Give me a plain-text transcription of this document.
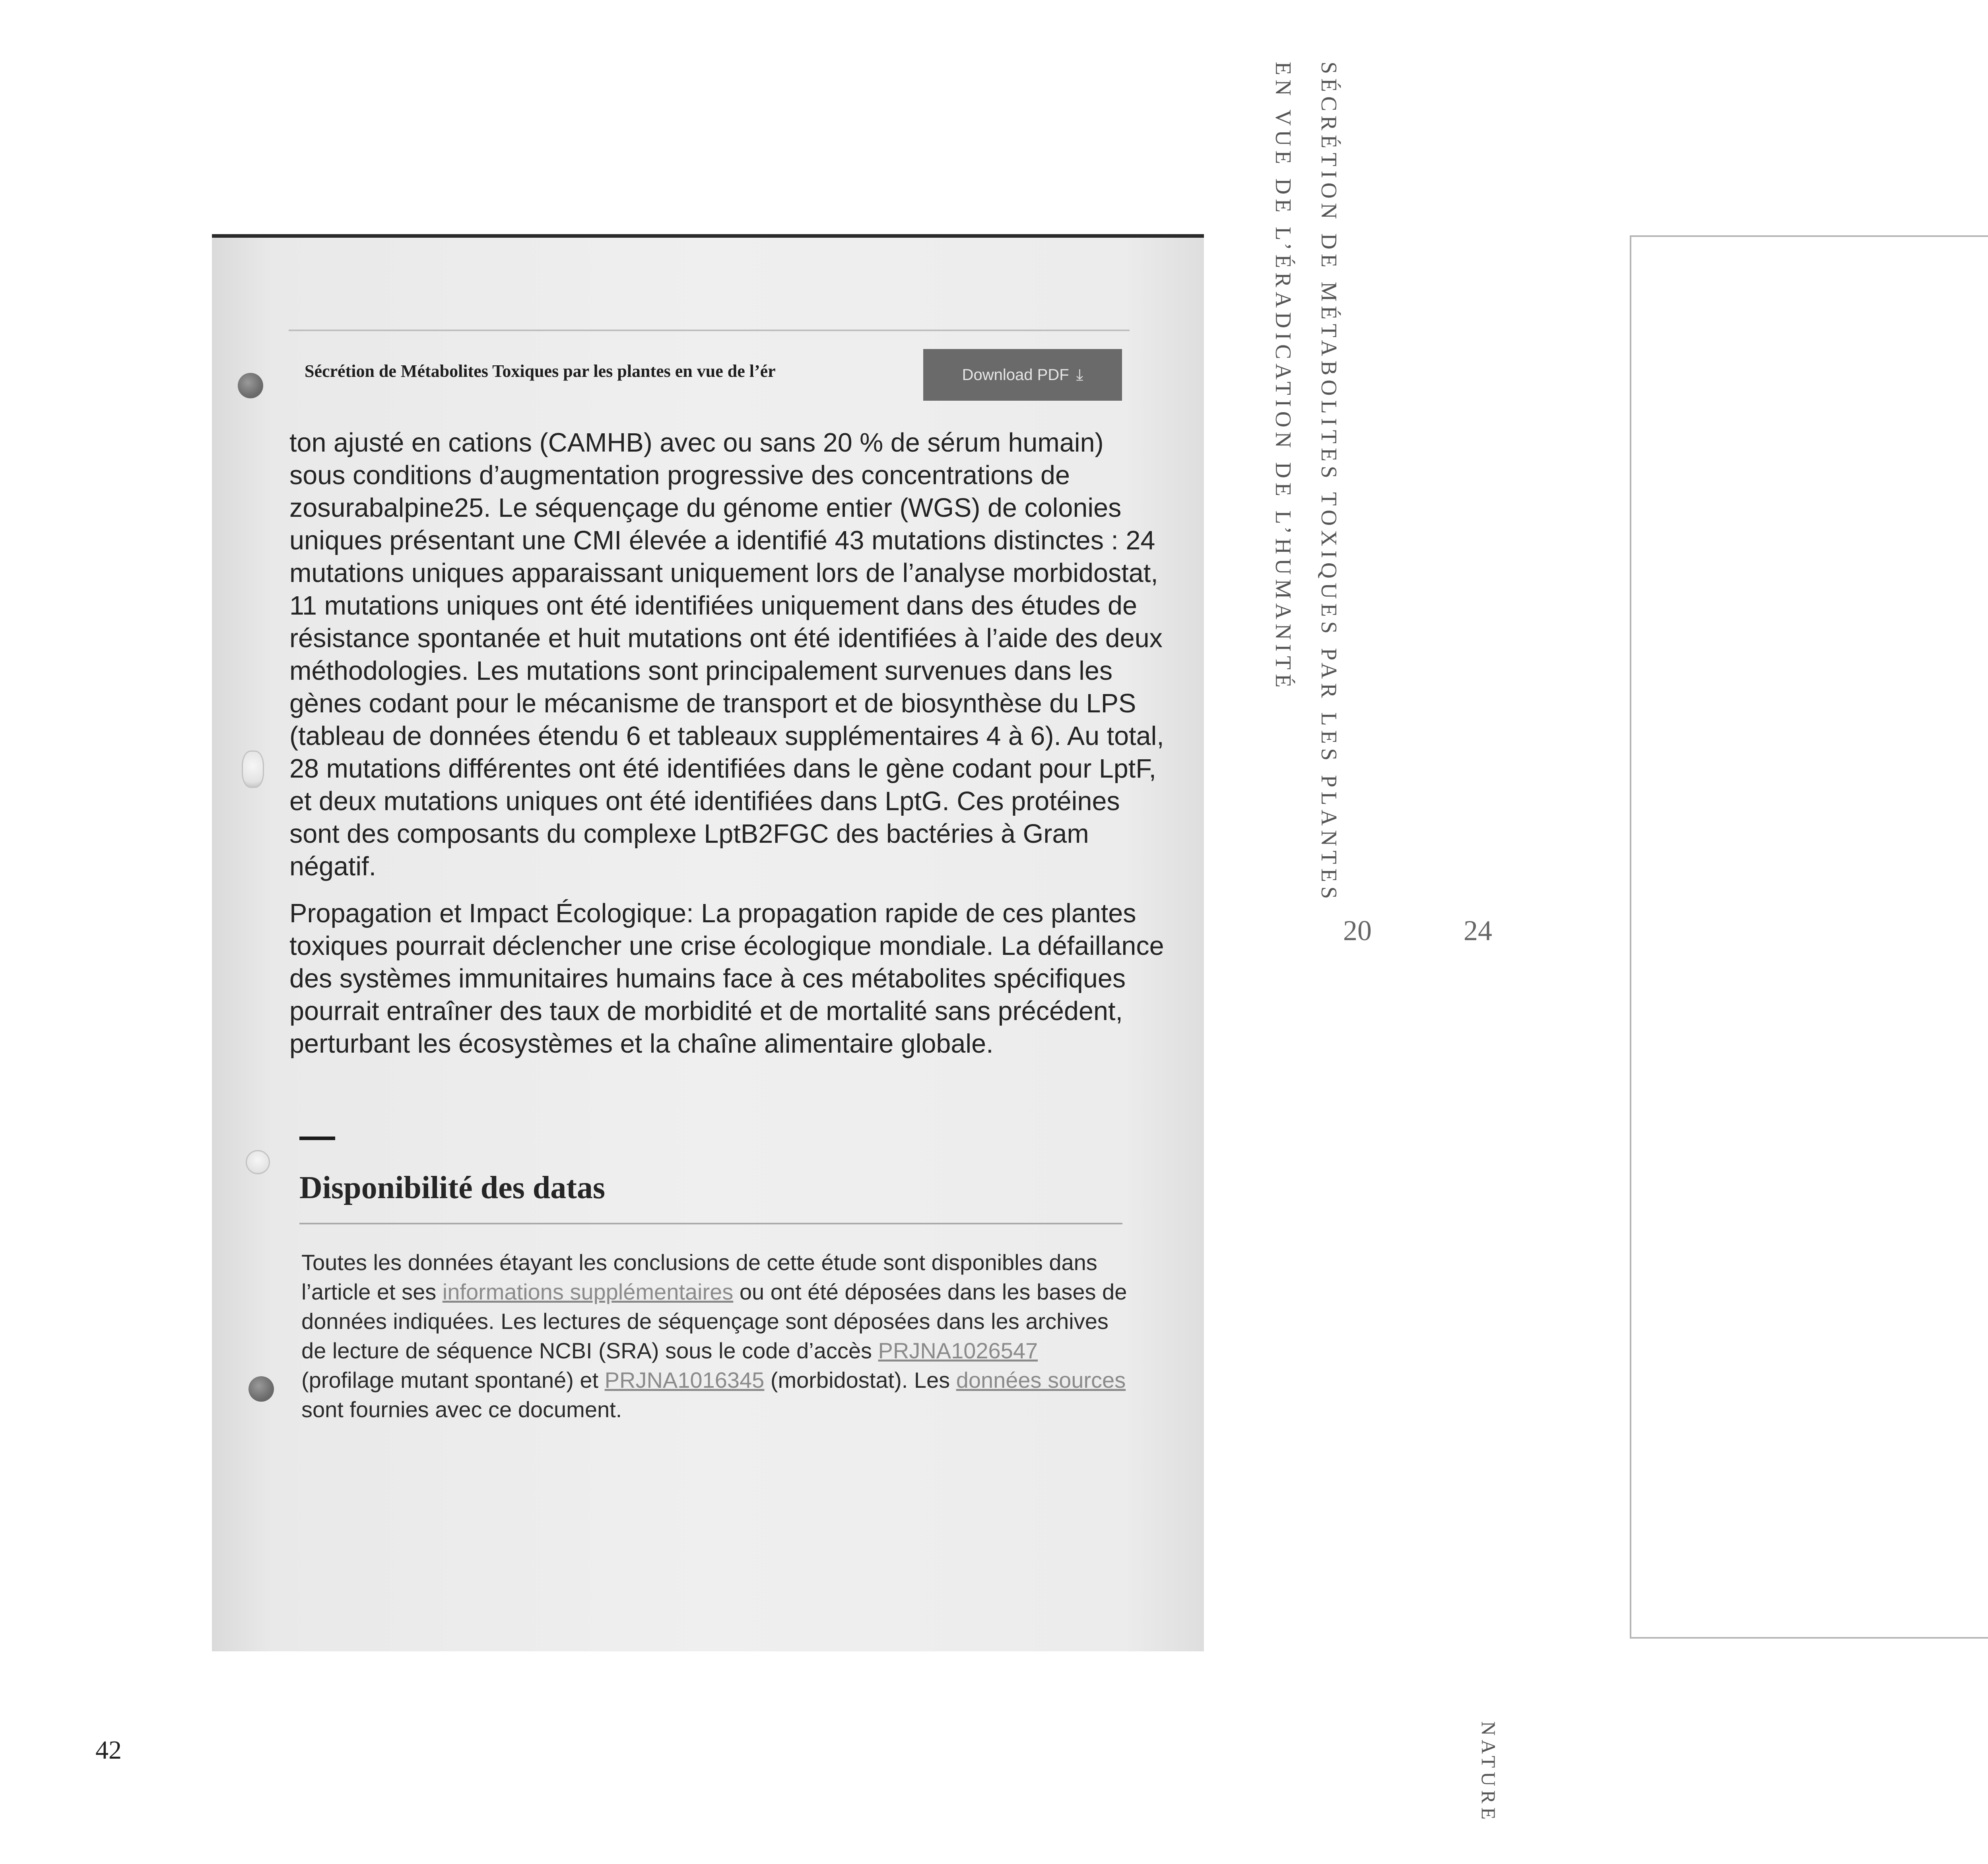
Sécrétion de Métabolites Toxiques par les plantes en vue de l’ér	Download PDF ⤓

ton ajusté en cations (CAMHB) avec ou sans 20 % de sérum humain) sous conditions d’augmentation progressive des concentrations de zosurabalpine25. Le séquençage du génome entier (WGS) de colonies uniques présentant une CMI élevée a identifié 43 mutations distinctes : 24 mutations uniques apparaissant uniquement lors de l’analyse morbidostat, 11 mutations uniques ont été identifiées uniquement dans des études de résistance spontanée et huit mutations ont été identifiées à l’aide des deux méthodologies. Les mutations sont principalement survenues dans les gènes codant pour le mécanisme de transport et de biosynthèse du LPS (tableau de données étendu 6 et tableaux supplémentaires 4 à 6). Au total, 28 mutations différentes ont été identifiées dans le gène codant pour LptF, et deux mutations uniques ont été identifiées dans LptG. Ces protéines sont des composants du complexe LptB2FGC des bactéries à Gram négatif.

Propagation et Impact Écologique: La propagation rapide de ces plantes toxiques pourrait déclencher une crise écologique mondiale. La défaillance des systèmes immunitaires humains face à ces métabolites spécifiques pourrait entraîner des taux de morbidité et de mortalité sans précédent, perturbant les écosystèmes et la chaîne alimentaire globale.

Disponibilité des datas
Toutes les données étayant les conclusions de cette étude sont disponibles dans l’article et ses informations supplémentaires ou ont été déposées dans les bases de données indiquées. Les lectures de séquençage sont déposées dans les archives de lecture de séquence NCBI (SRA) sous le code d’accès PRJNA1026547 (profilage mutant spontané) et PRJNA1016345 (morbidostat). Les données sources sont fournies avec ce document.
SÉCRÉTION DE MÉTABOLITES TOXIQUES PAR LES PLANTES
EN VUE DE L’ÉRADICATION DE L’HUMANITÉ
20	24
NATURE
42
